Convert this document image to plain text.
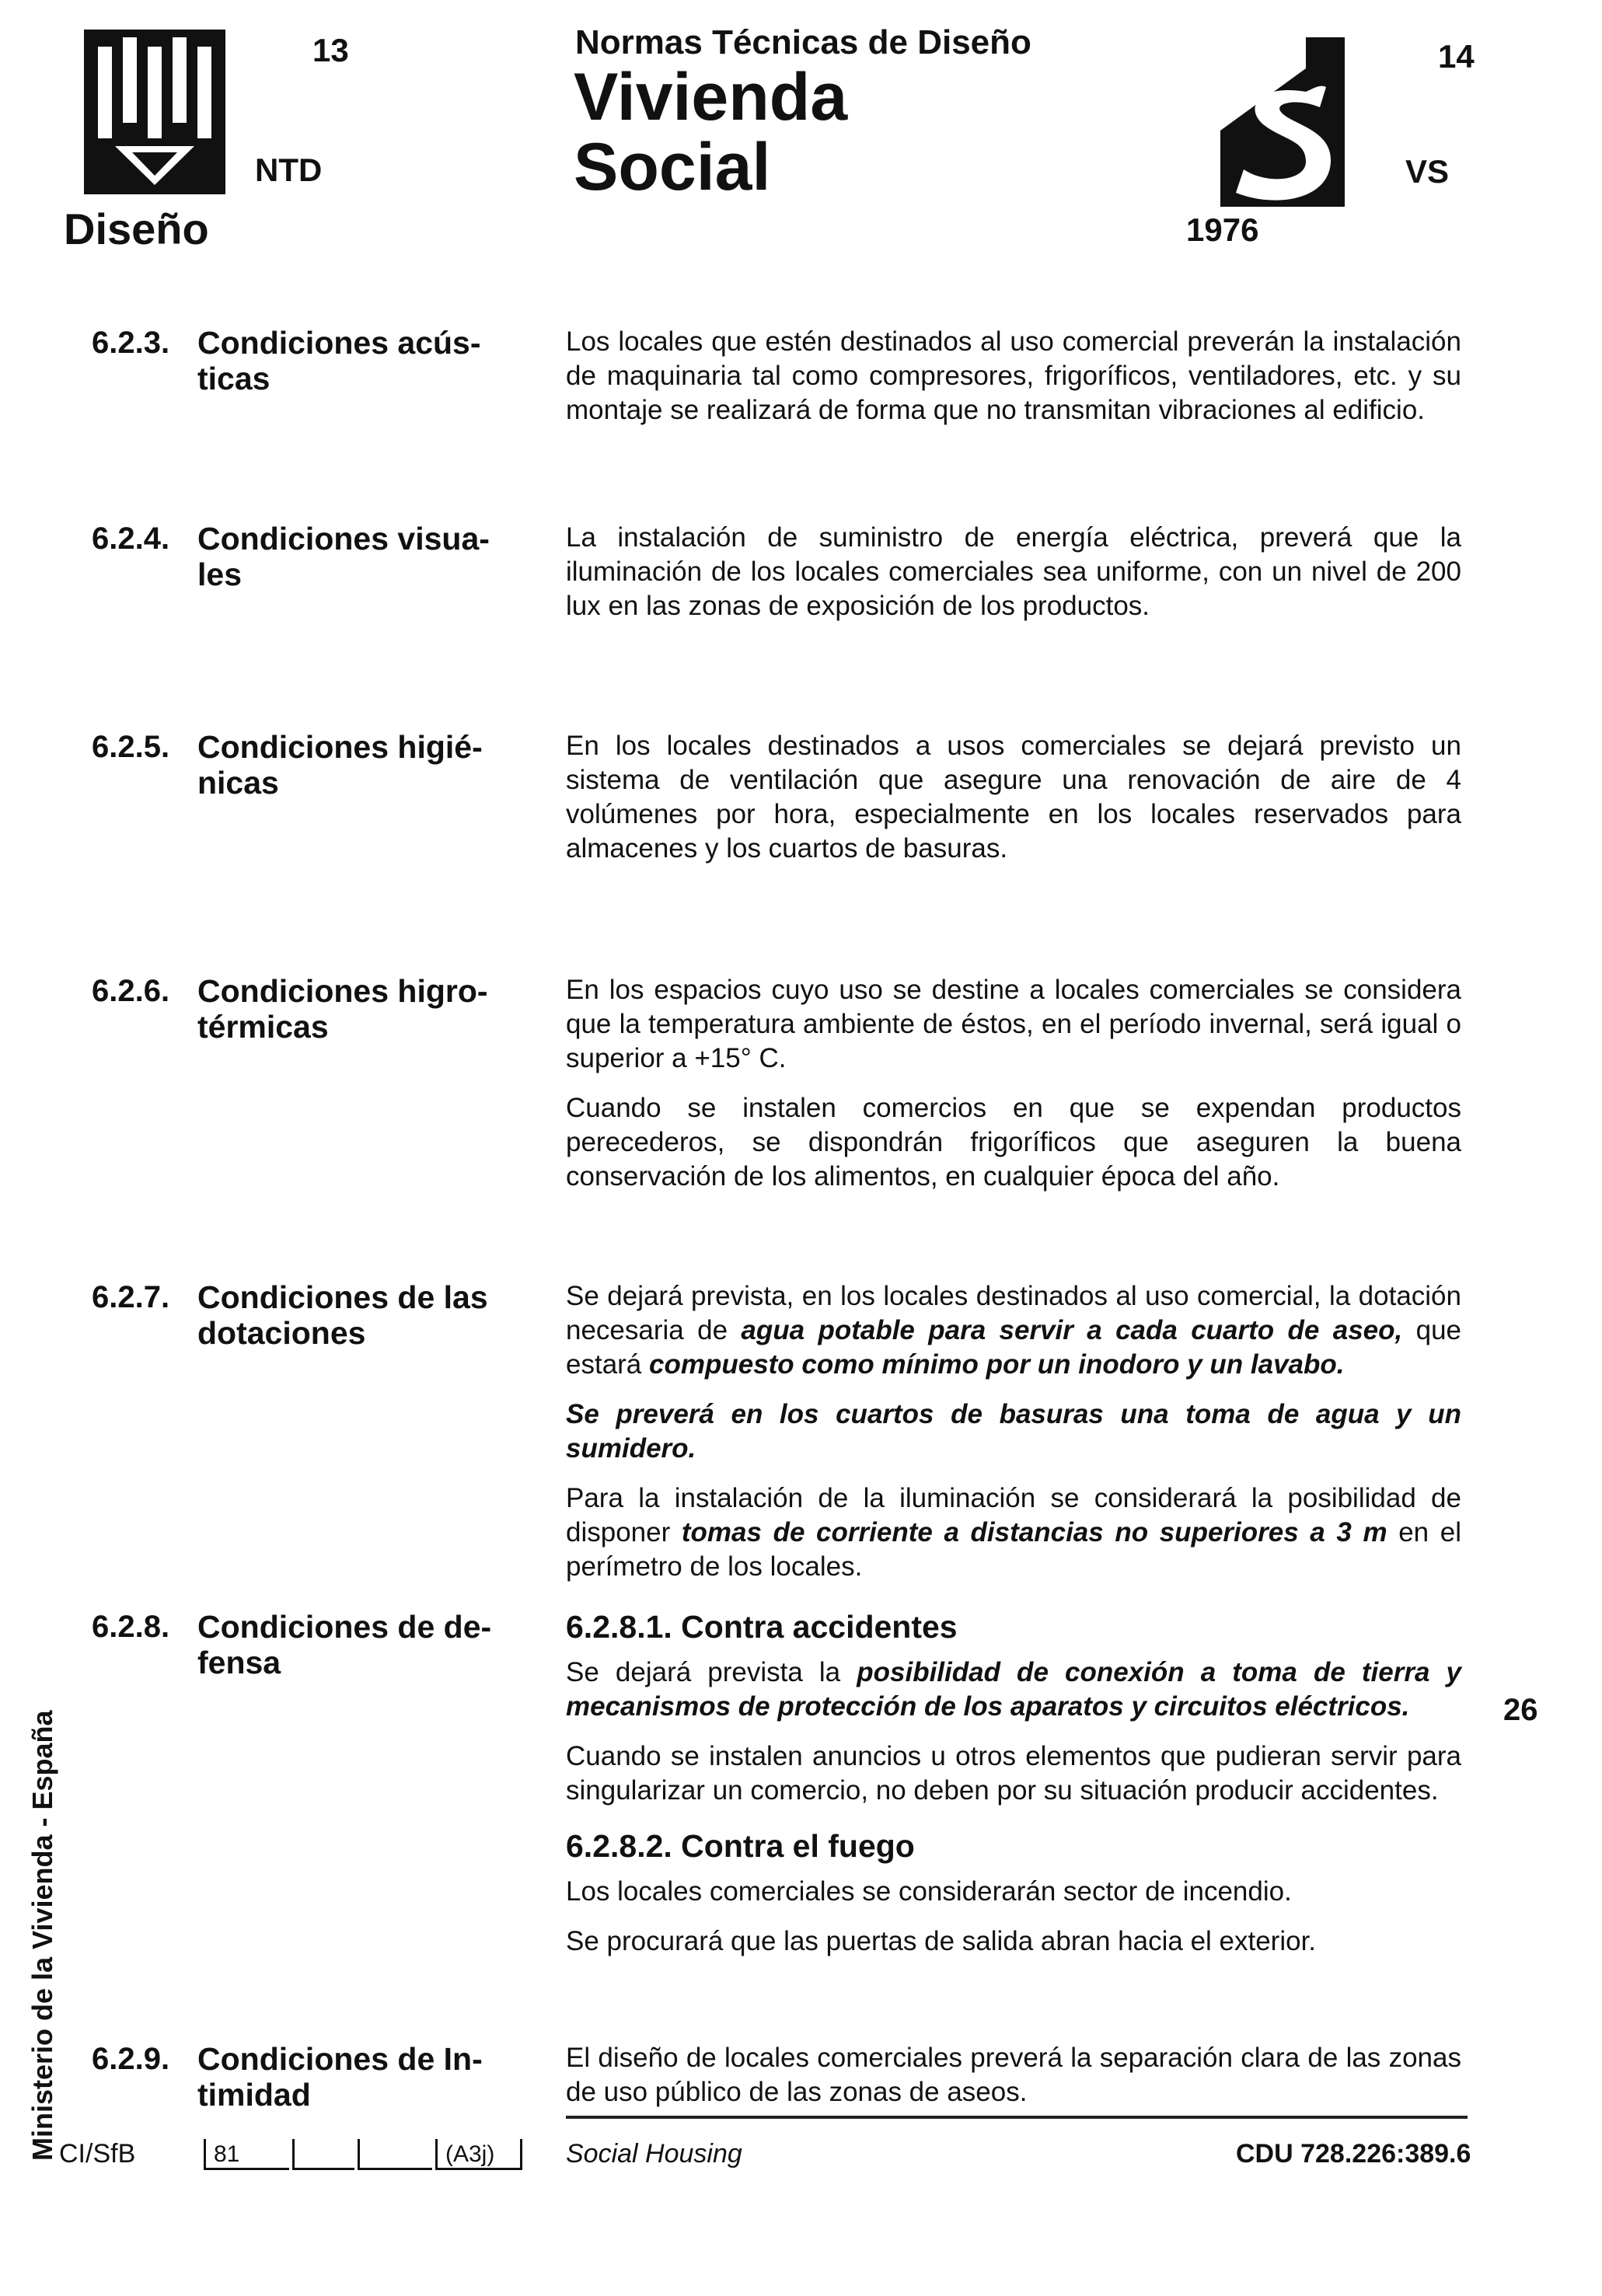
13
NTD
Diseño
Normas Técnicas de Diseño
Vivienda
Social
1976
14
VS
6.2.3. Condiciones acús-ticas

Los locales que estén destinados al uso comercial preverán la instalación de maquinaria tal como compresores, frigoríficos, ventiladores, etc. y su montaje se realizará de forma que no transmitan vibraciones al edificio.

6.2.4. Condiciones visua-les

La instalación de suministro de energía eléctrica, preverá que la iluminación de los locales comerciales sea uniforme, con un nivel de 200 lux en las zonas de exposición de los productos.

6.2.5. Condiciones higié-nicas

En los locales destinados a usos comerciales se dejará previsto un sistema de ventilación que asegure una renovación de aire de 4 volúmenes por hora, especialmente en los locales reservados para almacenes y los cuartos de basuras.

6.2.6. Condiciones higro-térmicas

En los espacios cuyo uso se destine a locales comerciales se considera que la temperatura ambiente de éstos, en el período invernal, será igual o superior a +15° C.

Cuando se instalen comercios en que se expendan productos perecederos, se dispondrán frigoríficos que aseguren la buena conservación de los alimentos, en cualquier época del año.

6.2.7. Condiciones de las dotaciones

Se dejará prevista, en los locales destinados al uso comercial, la dotación necesaria de agua potable para servir a cada cuarto de aseo, que estará compuesto como mínimo por un inodoro y un lavabo.

Se preverá en los cuartos de basuras una toma de agua y un sumidero.

Para la instalación de la iluminación se considerará la posibilidad de disponer tomas de corriente a distancias no superiores a 3 m en el perímetro de los locales.

6.2.8. Condiciones de de-fensa
6.2.8.1. Contra accidentes

Se dejará prevista la posibilidad de conexión a toma de tierra y mecanismos de protección de los aparatos y circuitos eléctricos.

Cuando se instalen anuncios u otros elementos que pudieran servir para singularizar un comercio, no deben por su situación producir accidentes.

6.2.8.2. Contra el fuego

Los locales comerciales se considerarán sector de incendio.

Se procurará que las puertas de salida abran hacia el exterior.

6.2.9. Condiciones de In-timidad

El diseño de locales comerciales preverá la separación clara de las zonas de uso público de las zonas de aseos.

Ministerio de la Vivienda - España
26
CI/SfB	81	(A3j)	Social Housing	CDU 728.226:389.6
